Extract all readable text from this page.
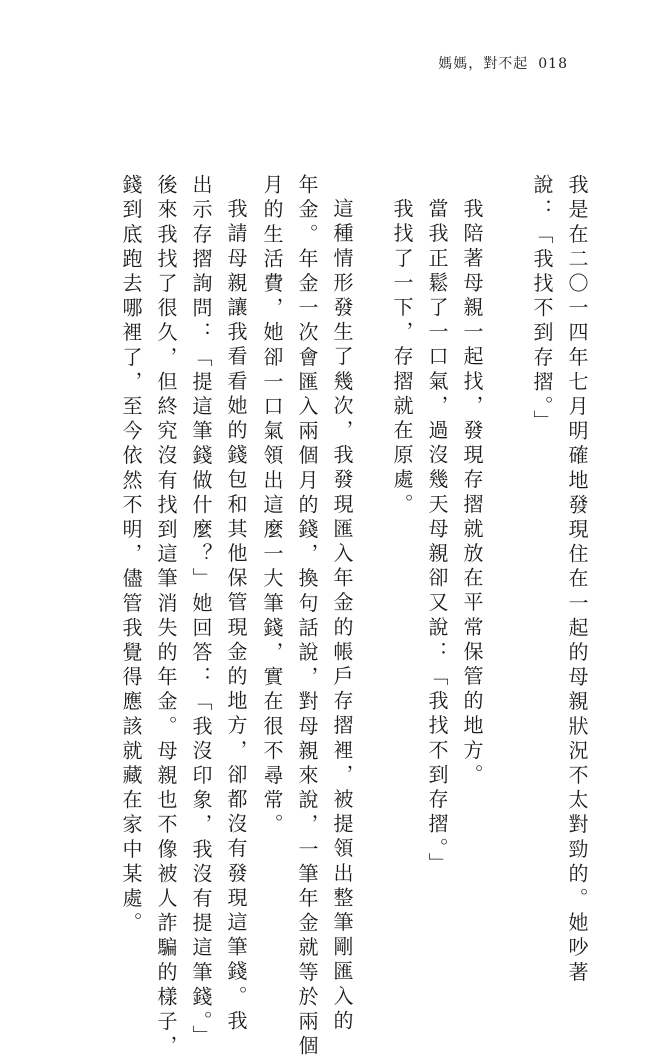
媽媽，對不起 018
我是在二〇一四年七月明確地發現住在一起的母親狀況不太對勁的。她吵著
說：「我找不到存摺。」
我陪著母親一起找，發現存摺就放在平常保管的地方。
當我正鬆了一口氣，過沒幾天母親卻又說：「我找不到存摺。」
我找了一下，存摺就在原處。
這種情形發生了幾次，我發現匯入年金的帳戶存摺裡，被提領出整筆剛匯入的
年金。年金一次會匯入兩個月的錢，換句話說，對母親來說，一筆年金就等於兩個
月的生活費，她卻一口氣領出這麼一大筆錢，實在很不尋常。
我請母親讓我看看她的錢包和其他保管現金的地方，卻都沒有發現這筆錢。我
出示存摺詢問：「提這筆錢做什麼？」她回答：「我沒印象，我沒有提這筆錢。」
後來我找了很久，但終究沒有找到這筆消失的年金。母親也不像被人詐騙的樣子，
錢到底跑去哪裡了，至今依然不明，儘管我覺得應該就藏在家中某處。
